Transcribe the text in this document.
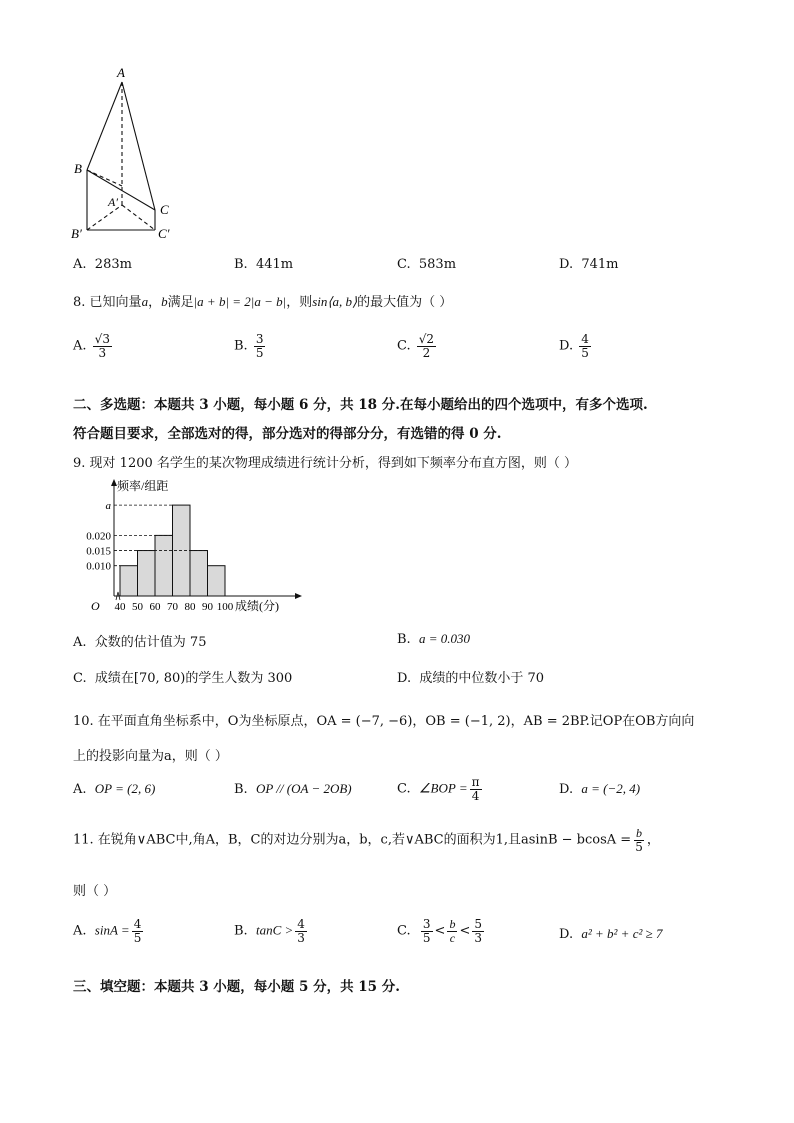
A
B
C
A′
B′	C′
A. 283m	B. 441m	C. 583m	D. 741m
8. 已知向量a，b满足|a + b| = 2|a − b|，则sin⟨a, b⟩的最大值为（ ）
A. $\frac{√3}{3}$	B. $\frac{3}{5}$	C. $\frac{√2}{2}$	D. $\frac{4}{5}$
二、多选题：本题共 3 小题，每小题 6 分，共 18 分.在每小题给出的四个选项中，有多个选项.
符合题目要求，全部选对的得，部分选对的得部分分，有选错的得 0 分.
9. 现对 1200 名学生的某次物理成绩进行统计分析，得到如下频率分布直方图，则（ ）
0.010
0.015
0.020
a
频率/组距
O 40 50 60 70 80 90 100 成绩(分)
A. 众数的估计值为 75	B. a = 0.030
C. 成绩在[70, 80)的学生人数为 300	D. 成绩的中位数小于 70
10. 在平面直角坐标系中，O为坐标原点，OA = (−7, −6)，OB = (−1, 2)，AB = 2BP.记OP在OB方向向
上的投影向量为a，则（ ）
A. OP = (2, 6)	B. OP // (OA − 2OB)	C. ∠BOP = $\frac{\pi}{4}$	D. a = (−2, 4)
11. 在锐角∨ABC中,角A，B，C的对边分别为a，b，c,若∨ABC的面积为1,且$asinB - bcosA = \frac{b}{5}$ ，
则（ ）
A. $\sin A = \frac{4}{5}$	B. $\tan C > \frac{4}{3}$	C. $\frac{3}{5} < \frac{b}{c} < \frac{5}{3}$	D. a² + b² + c² ≥ 7
三、填空题：本题共 3 小题，每小题 5 分，共 15 分.
